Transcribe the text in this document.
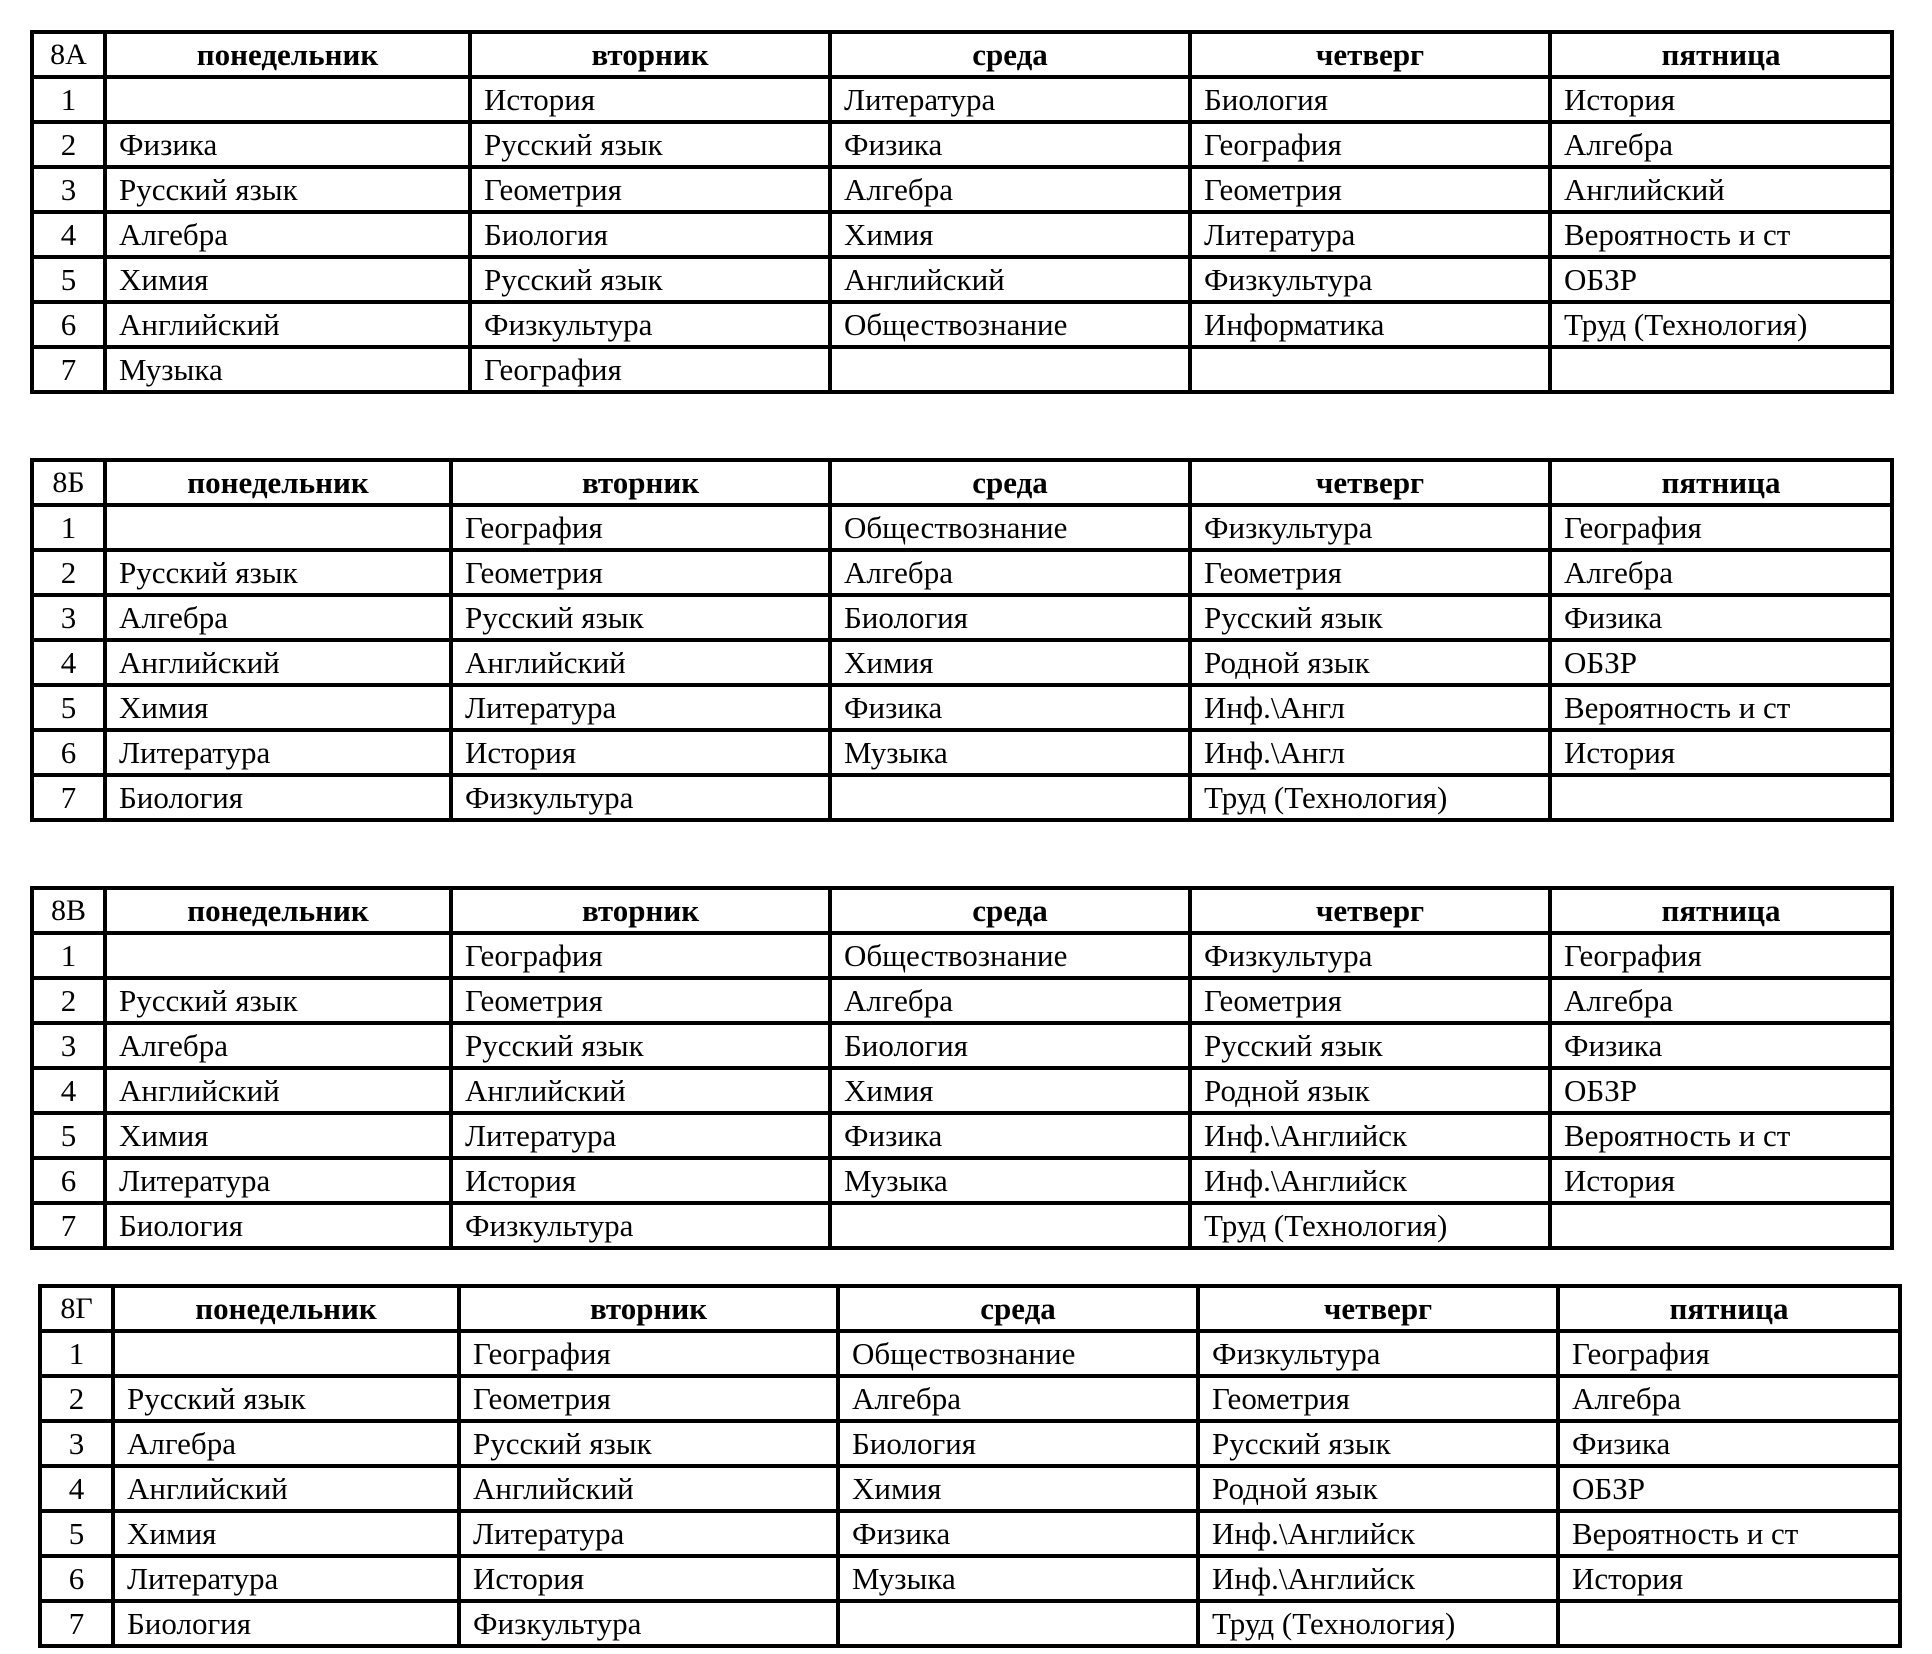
8А	понедельник	вторник	среда	четверг	пятница
1		История	Литература	Биология	История
2	Физика	Русский язык	Физика	География	Алгебра
3	Русский язык	Геометрия	Алгебра	Геометрия	Английский
4	Алгебра	Биология	Химия	Литература	Вероятность и ст
5	Химия	Русский язык	Английский	Физкультура	ОБЗР
6	Английский	Физкультура	Обществознание	Информатика	Труд (Технология)
7	Музыка	География			
8Б	понедельник	вторник	среда	четверг	пятница
1		География	Обществознание	Физкультура	География
2	Русский язык	Геометрия	Алгебра	Геометрия	Алгебра
3	Алгебра	Русский язык	Биология	Русский язык	Физика
4	Английский	Английский	Химия	Родной язык	ОБЗР
5	Химия	Литература	Физика	Инф.\Англ	Вероятность и ст
6	Литература	История	Музыка	Инф.\Англ	История
7	Биология	Физкультура		Труд (Технология)	
8В	понедельник	вторник	среда	четверг	пятница
1		География	Обществознание	Физкультура	География
2	Русский язык	Геометрия	Алгебра	Геометрия	Алгебра
3	Алгебра	Русский язык	Биология	Русский язык	Физика
4	Английский	Английский	Химия	Родной язык	ОБЗР
5	Химия	Литература	Физика	Инф.\Английск	Вероятность и ст
6	Литература	История	Музыка	Инф.\Английск	История
7	Биология	Физкультура		Труд (Технология)	
8Г	понедельник	вторник	среда	четверг	пятница
1		География	Обществознание	Физкультура	География
2	Русский язык	Геометрия	Алгебра	Геометрия	Алгебра
3	Алгебра	Русский язык	Биология	Русский язык	Физика
4	Английский	Английский	Химия	Родной язык	ОБЗР
5	Химия	Литература	Физика	Инф.\Английск	Вероятность и ст
6	Литература	История	Музыка	Инф.\Английск	История
7	Биология	Физкультура		Труд (Технология)	
